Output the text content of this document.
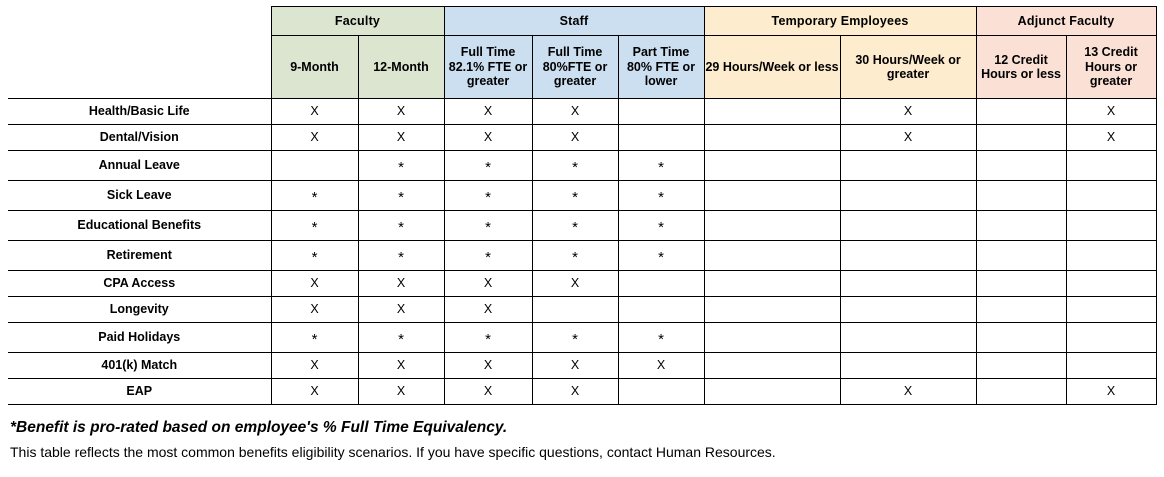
	Faculty		Staff			Temporary Employees		Adjunct Faculty	
	9-Month	12-Month	Full Time 82.1% FTE or greater	Full Time 80%FTE or greater	Part Time 80% FTE or lower	29 Hours/Week or less	30 Hours/Week or greater	12 Credit Hours or less	13 Credit Hours or greater
Health/Basic Life	X	X	X	X			X		X
Dental/Vision	X	X	X	X			X		X
Annual Leave		*	*	*	*				
Sick Leave	*	*	*	*	*				
Educational Benefits	*	*	*	*	*				
Retirement	*	*	*	*	*				
CPA Access	X	X	X	X					
Longevity	X	X	X						
Paid Holidays	*	*	*	*	*				
401(k) Match	X	X	X	X	X				
EAP	X	X	X	X			X		X
*Benefit is pro-rated based on employee's % Full Time Equivalency.
This table reflects the most common benefits eligibility scenarios. If you have specific questions, contact Human Resources.
